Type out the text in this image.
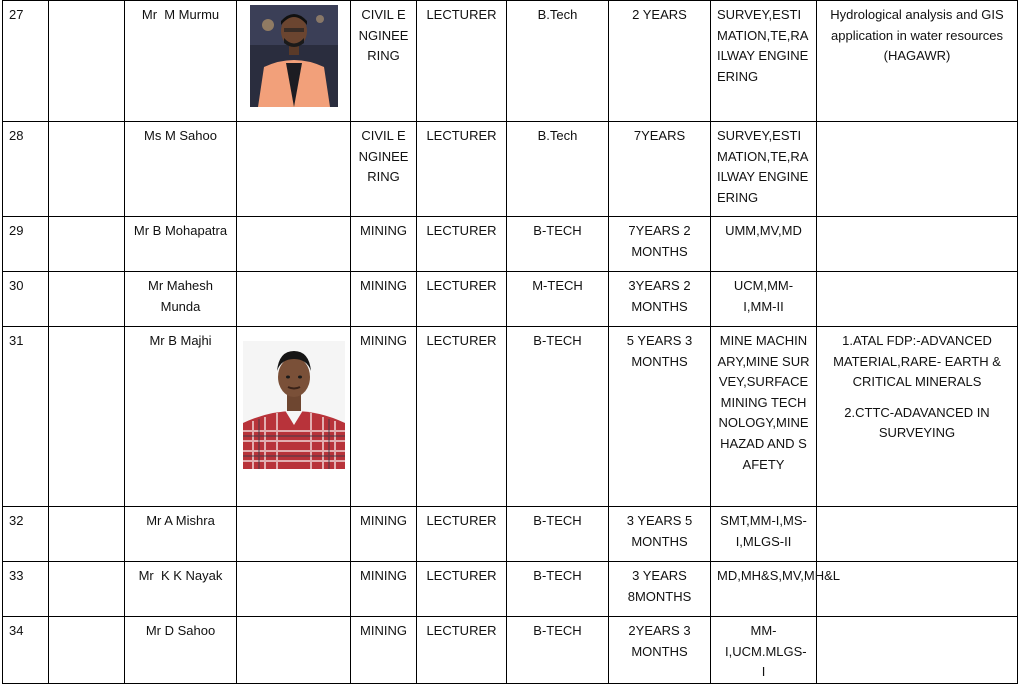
27		Mr  M Murmu		CIVIL ENGINEERING	LECTURER	B.Tech	2 YEARS	SURVEY,ESTIMATION,TE,RAILWAY ENGINEERING	Hydrological analysis and GIS application in water resources (HAGAWR)

28		Ms M Sahoo		CIVIL ENGINEERING	LECTURER	B.Tech	7YEARS	SURVEY,ESTIMATION,TE,RAILWAY ENGINEERING	
29		Mr B Mohapatra		MINING	LECTURER	B-TECH	7YEARS 2 MONTHS	UMM,MV,MD	
30		Mr Mahesh Munda		MINING	LECTURER	M-TECH	3YEARS 2 MONTHS	UCM,MM-I,MM-II	
31		Mr B Majhi		MINING	LECTURER	B-TECH	5 YEARS 3 MONTHS	MINE MACHINARY,MINE SURVEY,SURFACE MINING TECHNOLOGY,MINE HAZAD AND SAFETY	1.ATAL FDP:-ADVANCED MATERIAL,RARE- EARTH & CRITICAL MINERALS

2.CTTC-ADAVANCED IN SURVEYING

32		Mr A Mishra		MINING	LECTURER	B-TECH	3 YEARS 5 MONTHS	SMT,MM-I,MS-I,MLGS-II	
33		Mr  K K Nayak		MINING	LECTURER	B-TECH	3 YEARS 8MONTHS	MD,MH&S,MV,MH&L	
34		Mr D Sahoo		MINING	LECTURER	B-TECH	2YEARS 3 MONTHS	MM-I,UCM.MLGS-I	
